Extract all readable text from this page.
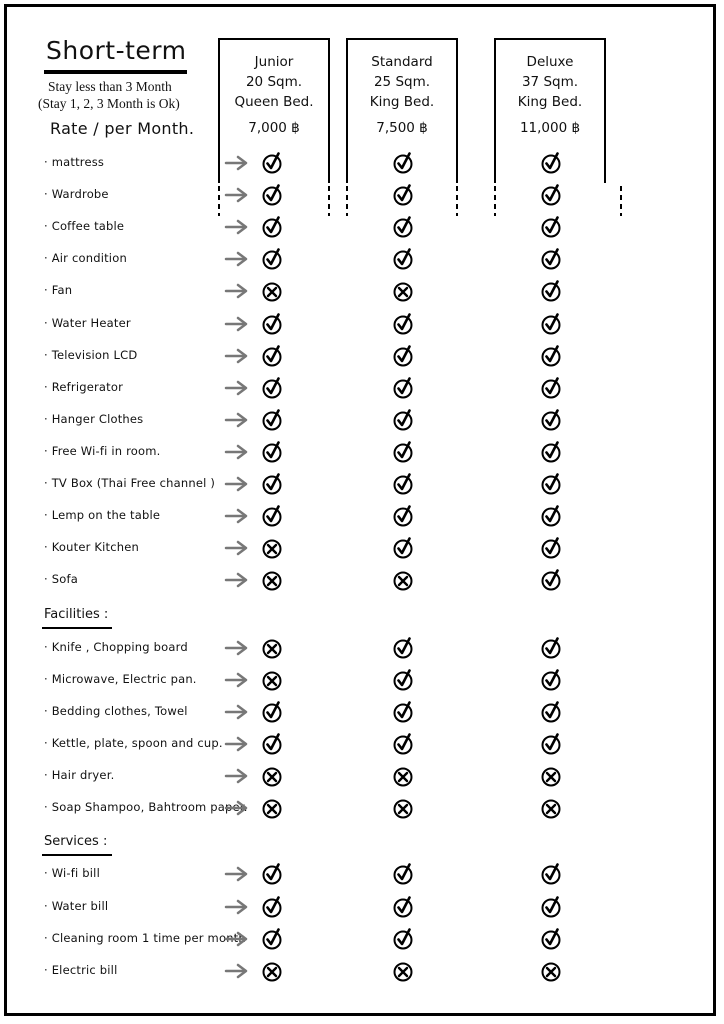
Short-term
Stay less than 3 Month
(Stay 1, 2, 3 Month is Ok)
Rate / per Month.
Junior
20 Sqm.
Queen Bed.
7,000 ฿
Standard
25 Sqm.
King Bed.
7,500 ฿
Deluxe
37 Sqm.
King Bed.
11,000 ฿
· mattress
· Wardrobe
· Coffee table
· Air condition
· Fan
· Water Heater
· Television LCD
· Refrigerator
· Hanger Clothes
· Free Wi-fi in room.
· TV Box (Thai Free channel )
· Lemp on the table
· Kouter Kitchen
· Sofa
Facilities :
· Knife , Chopping board
· Microwave, Electric pan.
· Bedding clothes, Towel
· Kettle, plate, spoon and cup.
· Hair dryer.
· Soap Shampoo, Bahtroom paper.
Services :
· Wi-fi bill
· Water bill
· Cleaning room 1 time per month
· Electric bill
